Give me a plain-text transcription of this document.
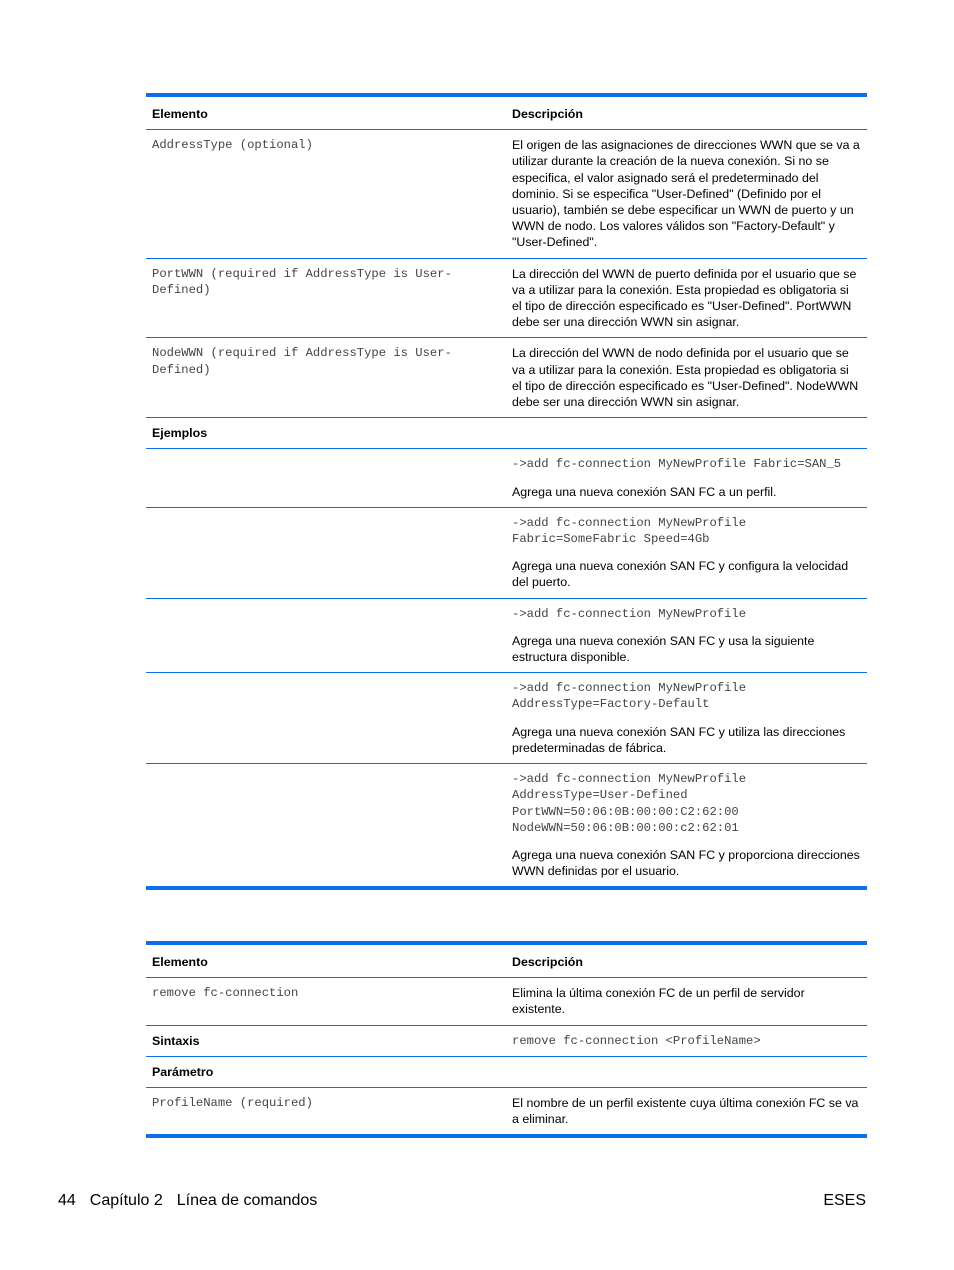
Elemento	Descripción
AddressType (optional)	El origen de las asignaciones de direcciones WWN que se va a utilizar durante la creación de la nueva conexión. Si no se especifica, el valor asignado será el predeterminado del dominio. Si se especifica "User-Defined" (Definido por el usuario), también se debe especificar un WWN de puerto y un WWN de nodo. Los valores válidos son "Factory-Default" y "User-Defined".
PortWWN (required if AddressType is User-Defined)	La dirección del WWN de puerto definida por el usuario que se va a utilizar para la conexión. Esta propiedad es obligatoria si el tipo de dirección especificado es "User-Defined". PortWWN debe ser una dirección WWN sin asignar.
NodeWWN (required if AddressType is User-Defined)	La dirección del WWN de nodo definida por el usuario que se va a utilizar para la conexión. Esta propiedad es obligatoria si el tipo de dirección especificado es "User-Defined". NodeWWN debe ser una dirección WWN sin asignar.
Ejemplos	

	->add fc-connection MyNewProfile Fabric=SAN_5
Agrega una nueva conexión SAN FC a un perfil.

	->add fc-connection MyNewProfile Fabric=SomeFabric Speed=4Gb
Agrega una nueva conexión SAN FC y configura la velocidad del puerto.

	->add fc-connection MyNewProfile
Agrega una nueva conexión SAN FC y usa la siguiente estructura disponible.

	->add fc-connection MyNewProfile AddressType=Factory-Default
Agrega una nueva conexión SAN FC y utiliza las direcciones predeterminadas de fábrica.

	->add fc-connection MyNewProfile AddressType=User-Defined PortWWN=50:06:0B:00:00:C2:62:00 NodeWWN=50:06:0B:00:00:c2:62:01
Agrega una nueva conexión SAN FC y proporciona direcciones WWN definidas por el usuario.
Elemento	Descripción
remove fc-connection	Elimina la última conexión FC de un perfil de servidor existente.
Sintaxis	remove fc-connection <ProfileName>
Parámetro	
ProfileName (required)	El nombre de un perfil existente cuya última conexión FC se va a eliminar.
44 Capítulo 2 Línea de comandos	ESES
